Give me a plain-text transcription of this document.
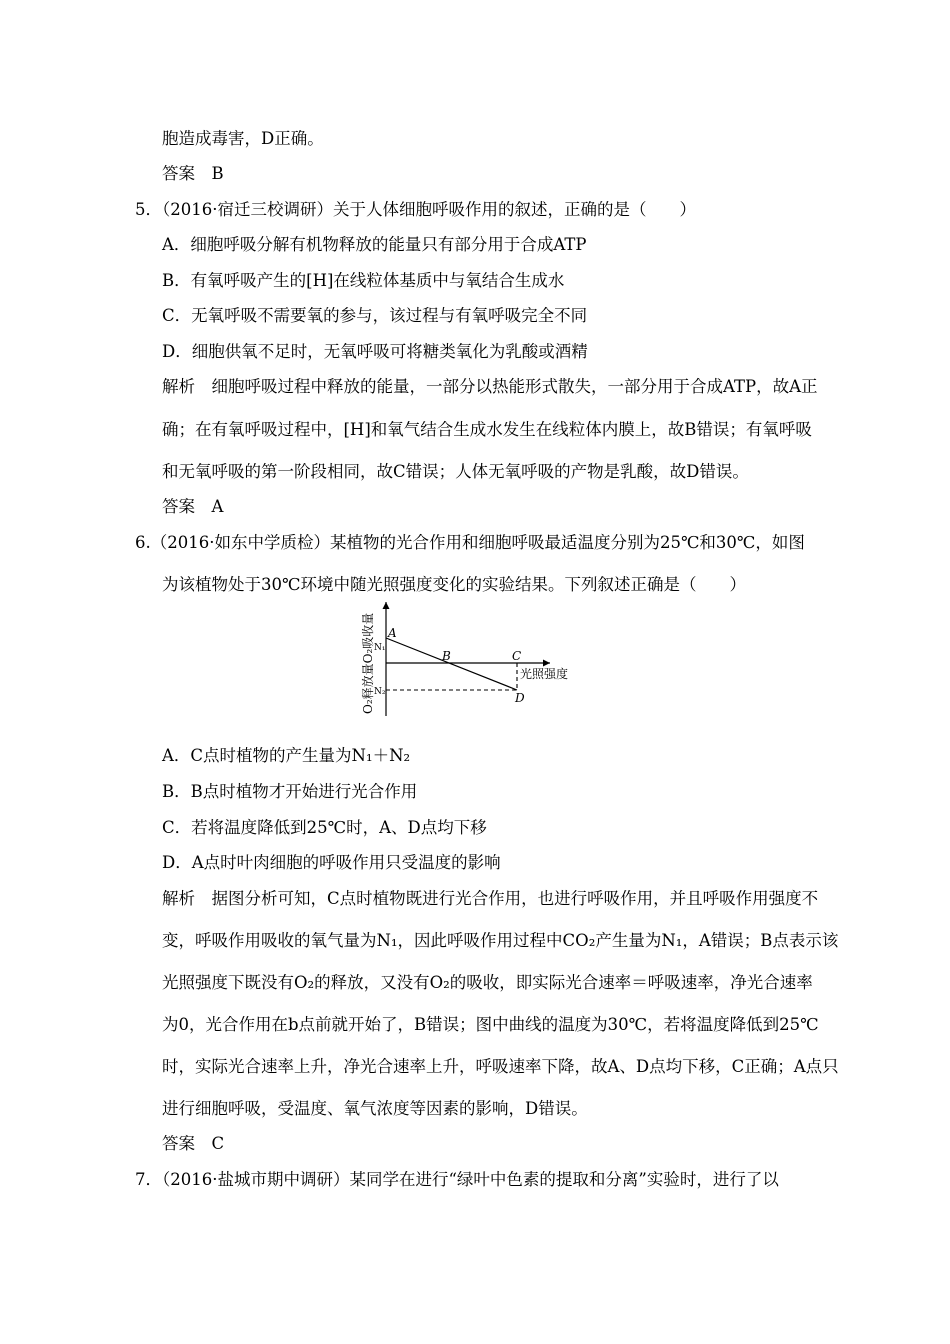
胞造成毒害，D正确。
答案　B
5．（2016·宿迁三校调研）关于人体细胞呼吸作用的叙述，正确的是（　　）
A．细胞呼吸分解有机物释放的能量只有部分用于合成ATP
B．有氧呼吸产生的[H]在线粒体基质中与氧结合生成水
C．无氧呼吸不需要氧的参与，该过程与有氧呼吸完全不同
D．细胞供氧不足时，无氧呼吸可将糖类氧化为乳酸或酒精
解析　细胞呼吸过程中释放的能量，一部分以热能形式散失，一部分用于合成ATP，故A正
确；在有氧呼吸过程中，[H]和氧气结合生成水发生在线粒体内膜上，故B错误；有氧呼吸
和无氧呼吸的第一阶段相同，故C错误；人体无氧呼吸的产物是乳酸，故D错误。
答案　A
6.（2016·如东中学质检）某植物的光合作用和细胞呼吸最适温度分别为25℃和30℃，如图
为该植物处于30℃环境中随光照强度变化的实验结果。下列叙述正确是（　　）
O₂释放量O₂吸收量 A
B	C
D
光照强度
N₁
N₂
A．C点时植物的产生量为N₁＋N₂
B．B点时植物才开始进行光合作用
C．若将温度降低到25℃时，A、D点均下移
D．A点时叶肉细胞的呼吸作用只受温度的影响
解析　据图分析可知，C点时植物既进行光合作用，也进行呼吸作用，并且呼吸作用强度不
变，呼吸作用吸收的氧气量为N₁，因此呼吸作用过程中CO₂产生量为N₁，A错误；B点表示该
光照强度下既没有O₂的释放，又没有O₂的吸收，即实际光合速率＝呼吸速率，净光合速率
为0，光合作用在b点前就开始了，B错误；图中曲线的温度为30℃，若将温度降低到25℃
时，实际光合速率上升，净光合速率上升，呼吸速率下降，故A、D点均下移，C正确；A点只
进行细胞呼吸，受温度、氧气浓度等因素的影响，D错误。
答案　C
7．（2016·盐城市期中调研）某同学在进行“绿叶中色素的提取和分离”实验时，进行了以
